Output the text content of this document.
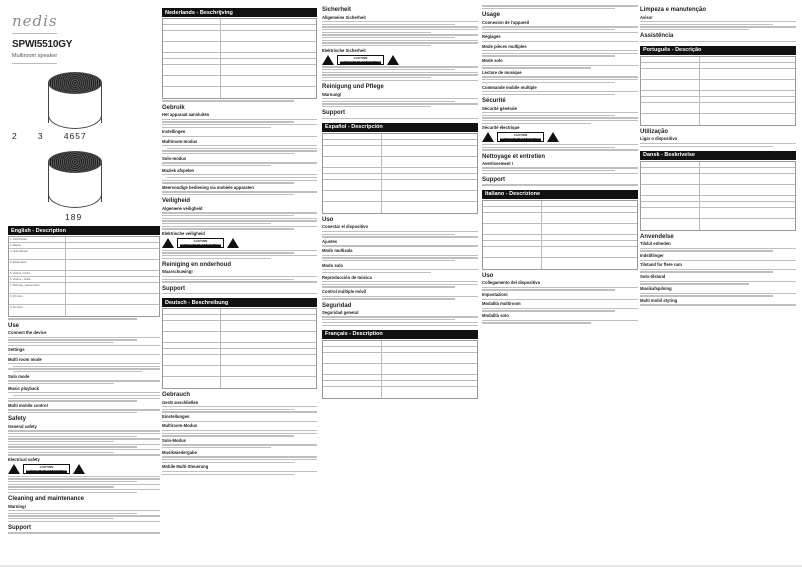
nedis
SPWI5510GY
Multiroom speaker
2 3 4657
189
English - Description
1. On/off button
2. Display
3. LED indicator
4. Mode button
5. Volume - button
6. Volume + button
7. WiFi play / pause button
8. DC input
9. DC input
Use
Connect the device
Settings
Multi room mode
Solo mode
Music playback
Multi mobile control
Safety
General safety
Electrical safety
CAUTION
RISK OF ELECTRIC SHOCK DO NOT OPEN
Cleaning and maintenance
Warning!
Support
Nederlands - Beschrijving
Gebruik
Het apparaat aansluiten
Instellingen
Multiroom-modus
Solo-modus
Muziek afspelen
Meervoudige bediening via mobiele apparaten
Veiligheid
Algemene veiligheid
Elektrische veiligheid
CAUTION
RISK OF ELECTRIC SHOCK DO NOT OPEN
Reiniging en onderhoud
Waarschuwing!
Support
Deutsch - Beschreibung
Gebrauch
Gerät anschließen
Einstellungen
Multiroom-Modus
Solo-Modus
Musikwiedergabe
Mobile Multi-Steuerung
Sicherheit
Allgemeine Sicherheit
Elektrische Sicherheit
CAUTION
RISK OF ELECTRIC SHOCK DO NOT OPEN
Reinigung und Pflege
Warnung!
Support
Español - Descripción
Uso
Conectar el dispositivo
Ajustes
Modo multisala
Modo solo
Reproducción de música
Control múltiple móvil
Seguridad
Seguridad general
Français - Description
Usage
Connexion de l'appareil
Réglages
Mode pièces multiples
Mode solo
Lecture de musique
Commande mobile multiple
Sécurité
Sécurité générale
Sécurité électrique
CAUTION
RISK OF ELECTRIC SHOCK DO NOT OPEN
Nettoyage et entretien
Avertissement !
Support
Italiano - Descrizione
Uso
Collegamento del dispositivo
Impostazioni
Modalità multiroom
Modalità solo
Limpeza e manutenção
Aviso!
Assistência
Português - Descrição
Utilização
Ligar o dispositivo
Dansk - Beskrivelse
Anvendelse
Tilslut enheden
Indstillinger
Tilstand for flere rum
Solo-tilstand
Musikafspilning
Multi mobil styring
